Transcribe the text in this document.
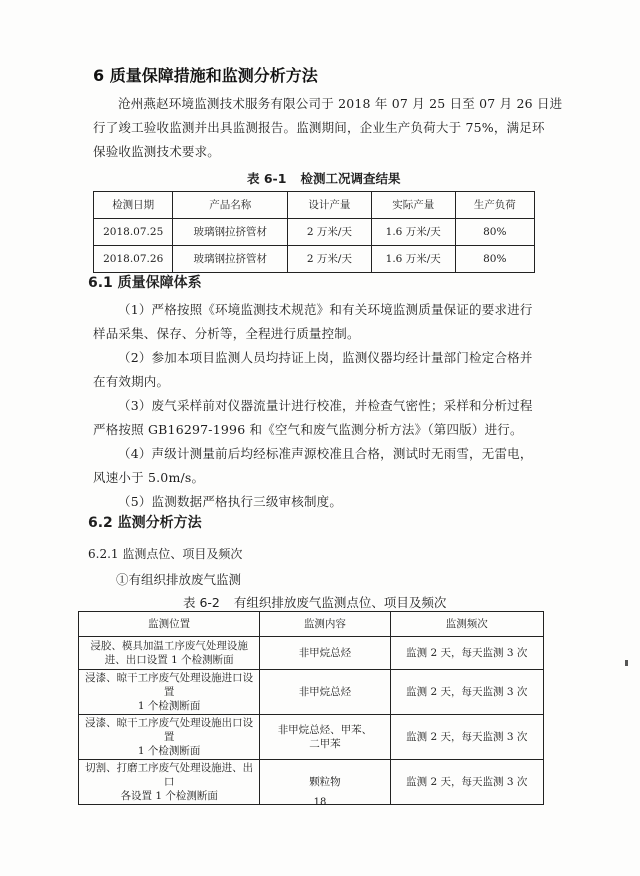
6 质量保障措施和监测分析方法
沧州燕赵环境监测技术服务有限公司于 2018 年 07 月 25 日至 07 月 26 日进
行了竣工验收监测并出具监测报告。监测期间，企业生产负荷大于 75%，满足环
保验收监测技术要求。
表 6-1 检测工况调查结果
检测日期	产品名称	设计产量	实际产量	生产负荷
2018.07.25	玻璃钢拉挤管材	2 万米/天	1.6 万米/天	80%
2018.07.26	玻璃钢拉挤管材	2 万米/天	1.6 万米/天	80%
6.1 质量保障体系
（1）严格按照《环境监测技术规范》和有关环境监测质量保证的要求进行
样品采集、保存、分析等，全程进行质量控制。
（2）参加本项目监测人员均持证上岗，监测仪器均经计量部门检定合格并
在有效期内。
（3）废气采样前对仪器流量计进行校准，并检查气密性；采样和分析过程
严格按照 GB16297-1996 和《空气和废气监测分析方法》（第四版）进行。
（4）声级计测量前后均经标准声源校准且合格，测试时无雨雪，无雷电，
风速小于 5.0m/s。
（5）监测数据严格执行三级审核制度。
6.2 监测分析方法
6.2.1 监测点位、项目及频次
①有组织排放废气监测
表 6-2 有组织排放废气监测点位、项目及频次
监测位置	监测内容	监测频次
浸胶、模具加温工序废气处理设施
进、出口设置 1 个检测断面	非甲烷总烃	监测 2 天，每天监测 3 次
浸漆、晾干工序废气处理设施进口设置
1 个检测断面	非甲烷总烃	监测 2 天，每天监测 3 次
浸漆、晾干工序废气处理设施出口设置
1 个检测断面	非甲烷总烃、甲苯、
二甲苯	监测 2 天，每天监测 3 次
切割、打磨工序废气处理设施进、出口
各设置 1 个检测断面	颗粒物	监测 2 天，每天监测 3 次
18
